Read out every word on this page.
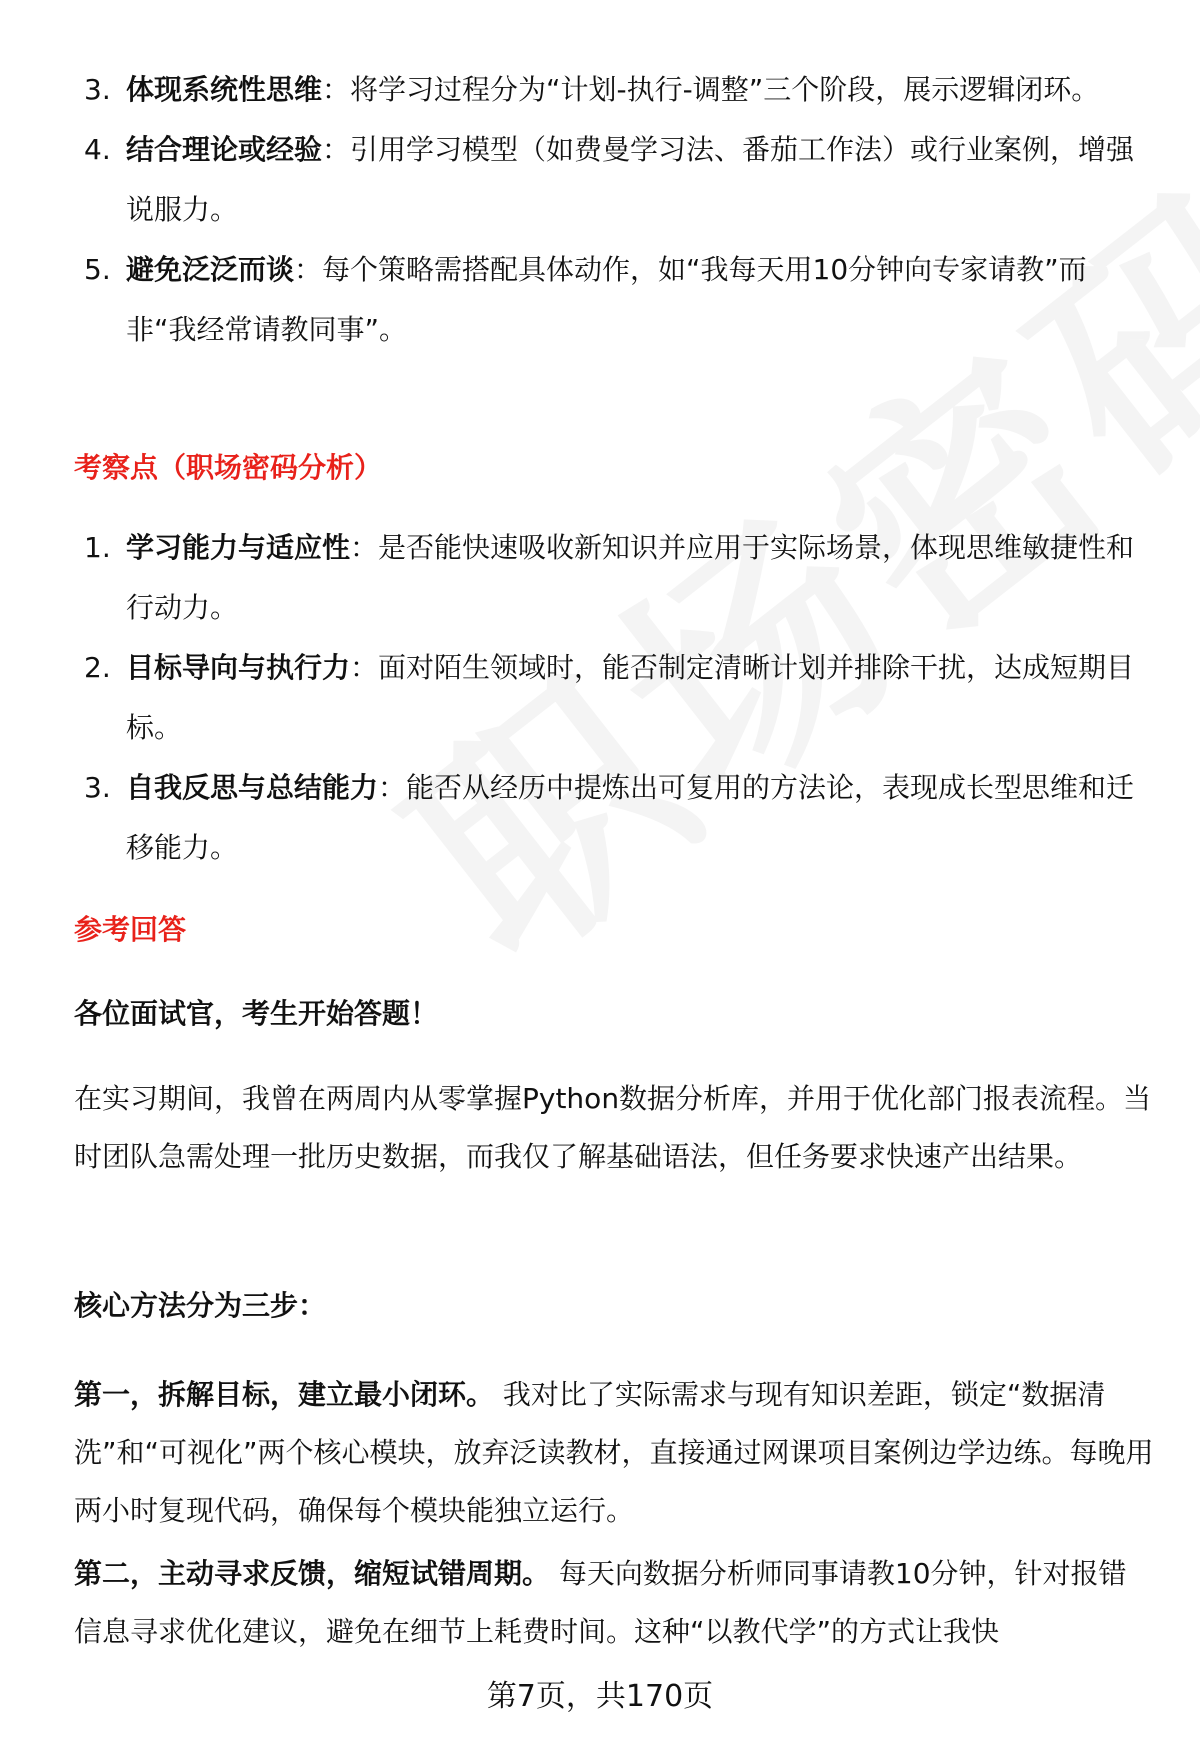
3. 体现系统性思维：将学习过程分为“计划-执行-调整”三个阶段，展示逻辑闭环。
4. 结合理论或经验：引用学习模型（如费曼学习法、番茄工作法）或行业案例，增强说服力。
5. 避免泛泛而谈：每个策略需搭配具体动作，如“我每天用10分钟向专家请教”而非“我经常请教同事”。
考察点（职场密码分析）
1. 学习能力与适应性：是否能快速吸收新知识并应用于实际场景，体现思维敏捷性和行动力。
2. 目标导向与执行力：面对陌生领域时，能否制定清晰计划并排除干扰，达成短期目标。
3. 自我反思与总结能力：能否从经历中提炼出可复用的方法论，表现成长型思维和迁移能力。
参考回答
各位面试官，考生开始答题！
在实习期间，我曾在两周内从零掌握Python数据分析库，并用于优化部门报表流程。当时团队急需处理一批历史数据，而我仅了解基础语法，但任务要求快速产出结果。
核心方法分为三步：
第一，拆解目标，建立最小闭环。 我对比了实际需求与现有知识差距，锁定“数据清洗”和“可视化”两个核心模块，放弃泛读教材，直接通过网课项目案例边学边练。每晚用两小时复现代码，确保每个模块能独立运行。
第二，主动寻求反馈，缩短试错周期。 每天向数据分析师同事请教10分钟，针对报错信息寻求优化建议，避免在细节上耗费时间。这种“以教代学”的方式让我快
第7页，共170页
